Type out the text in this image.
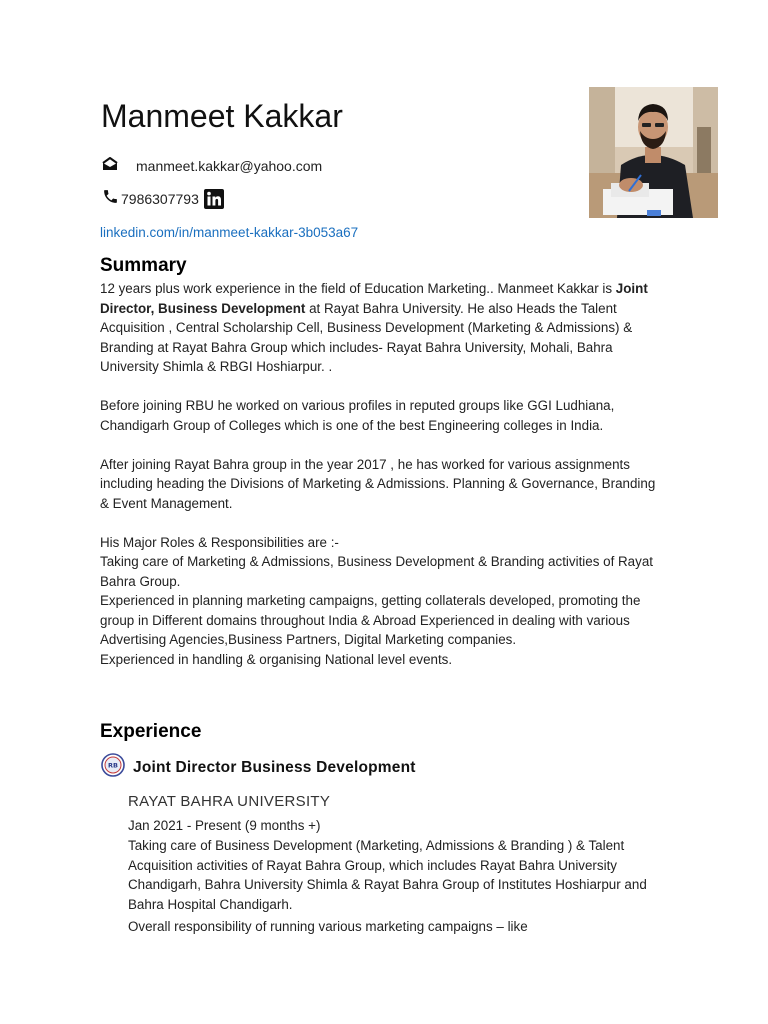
Manmeet Kakkar
manmeet.kakkar@yahoo.com
7986307793
linkedin.com/in/manmeet-kakkar-3b053a67
Summary

12 years plus work experience in the field of Education Marketing.. Manmeet Kakkar is Joint Director, Business Development at Rayat Bahra University. He also Heads the Talent Acquisition , Central Scholarship Cell, Business Development (Marketing & Admissions) & Branding at Rayat Bahra Group which includes- Rayat Bahra University, Mohali, Bahra University Shimla & RBGI Hoshiarpur. .

Before joining RBU he worked on various profiles in reputed groups like GGI Ludhiana, Chandigarh Group of Colleges which is one of the best Engineering colleges in India.

After joining Rayat Bahra group in the year 2017 , he has worked for various assignments including heading the Divisions of Marketing & Admissions. Planning & Governance, Branding & Event Management.

His Major Roles & Responsibilities are :-

Taking care of Marketing & Admissions, Business Development & Branding activities of Rayat Bahra Group.

Experienced in planning marketing campaigns, getting collaterals developed, promoting the group in Different domains throughout India & Abroad Experienced in dealing with various Advertising Agencies,Business Partners, Digital Marketing companies.

Experienced in handling & organising National level events.

Experience
RB Joint Director Business Development
RAYAT BAHRA UNIVERSITY
Jan 2021 - Present (9 months +)

Taking care of Business Development (Marketing, Admissions & Branding ) & Talent Acquisition activities of Rayat Bahra Group, which includes Rayat Bahra University Chandigarh, Bahra University Shimla & Rayat Bahra Group of Institutes Hoshiarpur and Bahra Hospital Chandigarh.

Overall responsibility of running various marketing campaigns – like
